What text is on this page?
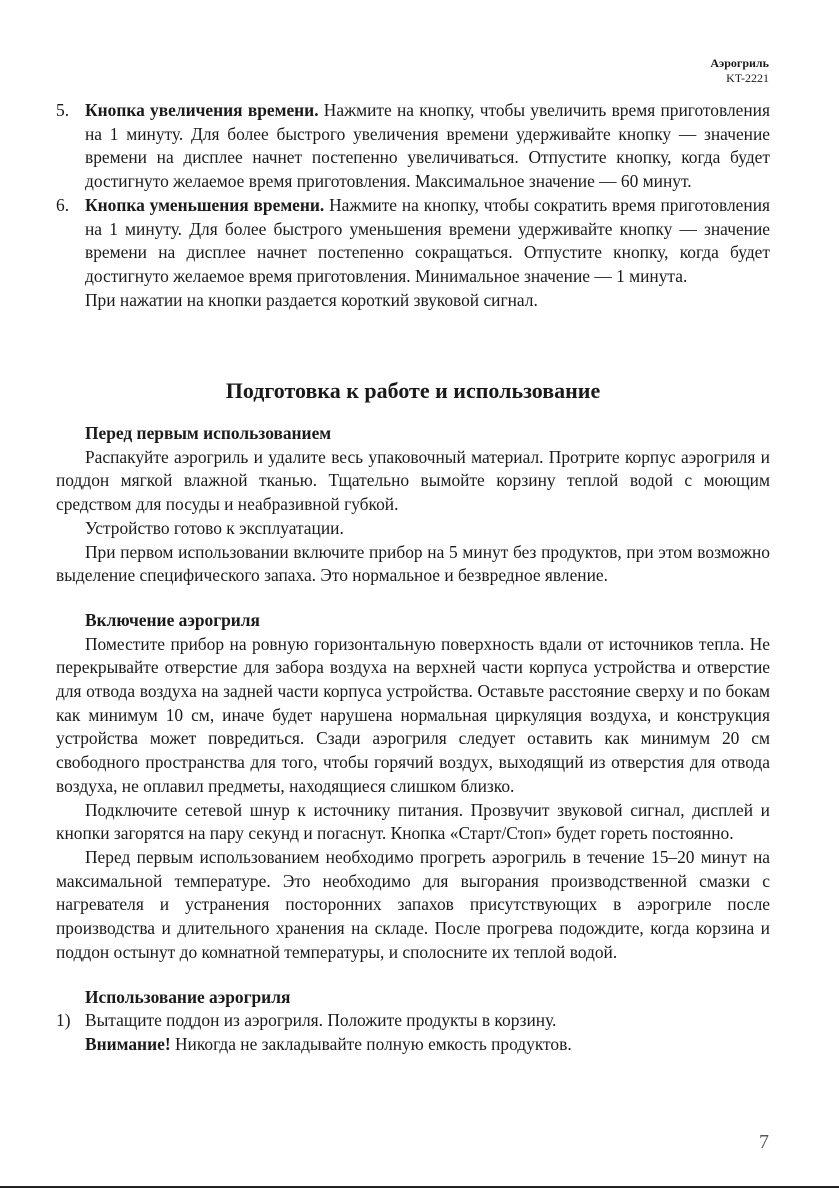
Аэрогриль
KT-2221
5. Кнопка увеличения времени. Нажмите на кнопку, чтобы увеличить время приготовления на 1 минуту. Для более быстрого увеличения времени удерживайте кнопку — значение времени на дисплее начнет постепенно увеличиваться. Отпустите кнопку, когда будет достигнуто желаемое время приготовления. Максимальное значение — 60 минут.
6. Кнопка уменьшения времени. Нажмите на кнопку, чтобы сократить время приготовления на 1 минуту. Для более быстрого уменьшения времени удерживайте кнопку — значение времени на дисплее начнет постепенно сокращаться. Отпустите кнопку, когда будет достигнуто желаемое время приготовления. Минимальное значение — 1 минута.
При нажатии на кнопки раздается короткий звуковой сигнал.
Подготовка к работе и использование
Перед первым использованием
Распакуйте аэрогриль и удалите весь упаковочный материал. Протрите корпус аэрогриля и поддон мягкой влажной тканью. Тщательно вымойте корзину теплой водой с моющим средством для посуды и неабразивной губкой.
Устройство готово к эксплуатации.
При первом использовании включите прибор на 5 минут без продуктов, при этом возможно выделение специфического запаха. Это нормальное и безвредное явление.
Включение аэрогриля
Поместите прибор на ровную горизонтальную поверхность вдали от источников тепла. Не перекрывайте отверстие для забора воздуха на верхней части корпуса устройства и отверстие для отвода воздуха на задней части корпуса устройства. Оставьте расстояние сверху и по бокам как минимум 10 см, иначе будет нарушена нормальная циркуляция воздуха, и конструкция устройства может повредиться. Сзади аэрогриля следует оставить как минимум 20 см свободного пространства для того, чтобы горячий воздух, выходящий из отверстия для отвода воздуха, не оплавил предметы, находящиеся слишком близко.
Подключите сетевой шнур к источнику питания. Прозвучит звуковой сигнал, дисплей и кнопки загорятся на пару секунд и погаснут. Кнопка «Старт/Стоп» будет гореть постоянно.
Перед первым использованием необходимо прогреть аэрогриль в течение 15–20 минут на максимальной температуре. Это необходимо для выгорания производственной смазки с нагревателя и устранения посторонних запахов присутствующих в аэрогриле после производства и длительного хранения на складе. После прогрева подождите, когда корзина и поддон остынут до комнатной температуры, и сполосните их теплой водой.
Использование аэрогриля
1) Вытащите поддон из аэрогриля. Положите продукты в корзину.
Внимание! Никогда не закладывайте полную емкость продуктов.
7
